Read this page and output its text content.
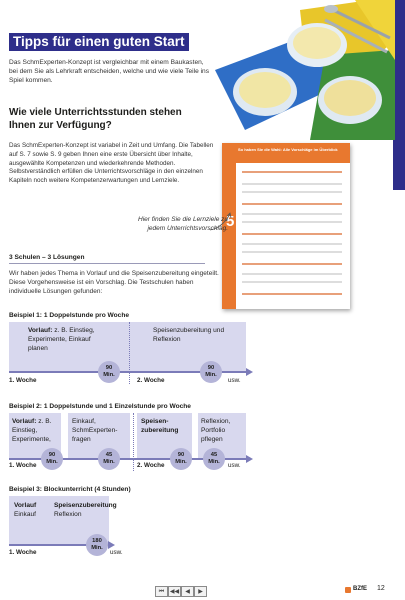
Tipps für einen guten Start
Das SchmExperten-Konzept ist vergleichbar mit einem Baukasten, bei dem Sie als Lehrkraft entscheiden, welche und wie viele Teile ins Spiel kommen.
Wie viele Unterrichtsstunden stehen Ihnen zur Verfügung?
Das SchmExperten-Konzept ist variabel in Zeit und Umfang. Die Tabellen auf S. 7 sowie S. 9 geben Ihnen eine erste Übersicht über Inhalte, ausgewählte Kompetenzen und wiederkehrende Methoden. Selbstverständlich erfüllen die Unterrichtsvorschläge in den einzelnen Kapiteln noch weitere Kompetenzerwartungen und Lernziele.
So haben Sie die Wahl: Alle Vorschläge im Überblick
5
Hier finden Sie die Lernziele zu jedem Unterrichtsvorschlag.
3 Schulen – 3 Lösungen
Wir haben jedes Thema in Vorlauf und die Speisenzubereitung eingeteilt. Diese Vorgehensweise ist ein Vorschlag. Die Testschulen haben individuelle Lösungen gefunden:
Beispiel 1: 1 Doppelstunde pro Woche
Vorlauf: z. B. Einstieg, Experimente, Einkauf planen
Speisenzubereitung und Reflexion
90
Min.
90
Min.
1. Woche	2. Woche	usw.
Beispiel 2: 1 Doppelstunde und 1 Einzelstunde pro Woche
Vorlauf: z. B. Einstieg, Experimente,
Einkauf, SchmExperten-fragen
Speisen-zubereitung
Reflexion, Portfolio pflegen
90
Min.
45
Min.
90
Min.
45
Min.
1. Woche	2. Woche	usw.
Beispiel 3: Blockunterricht (4 Stunden)
Vorlauf
Einkauf
Speisenzubereitung
Reflexion
180
Min.
1. Woche	usw.
⏮ ◀◀	◀	▶	BZfE 12
